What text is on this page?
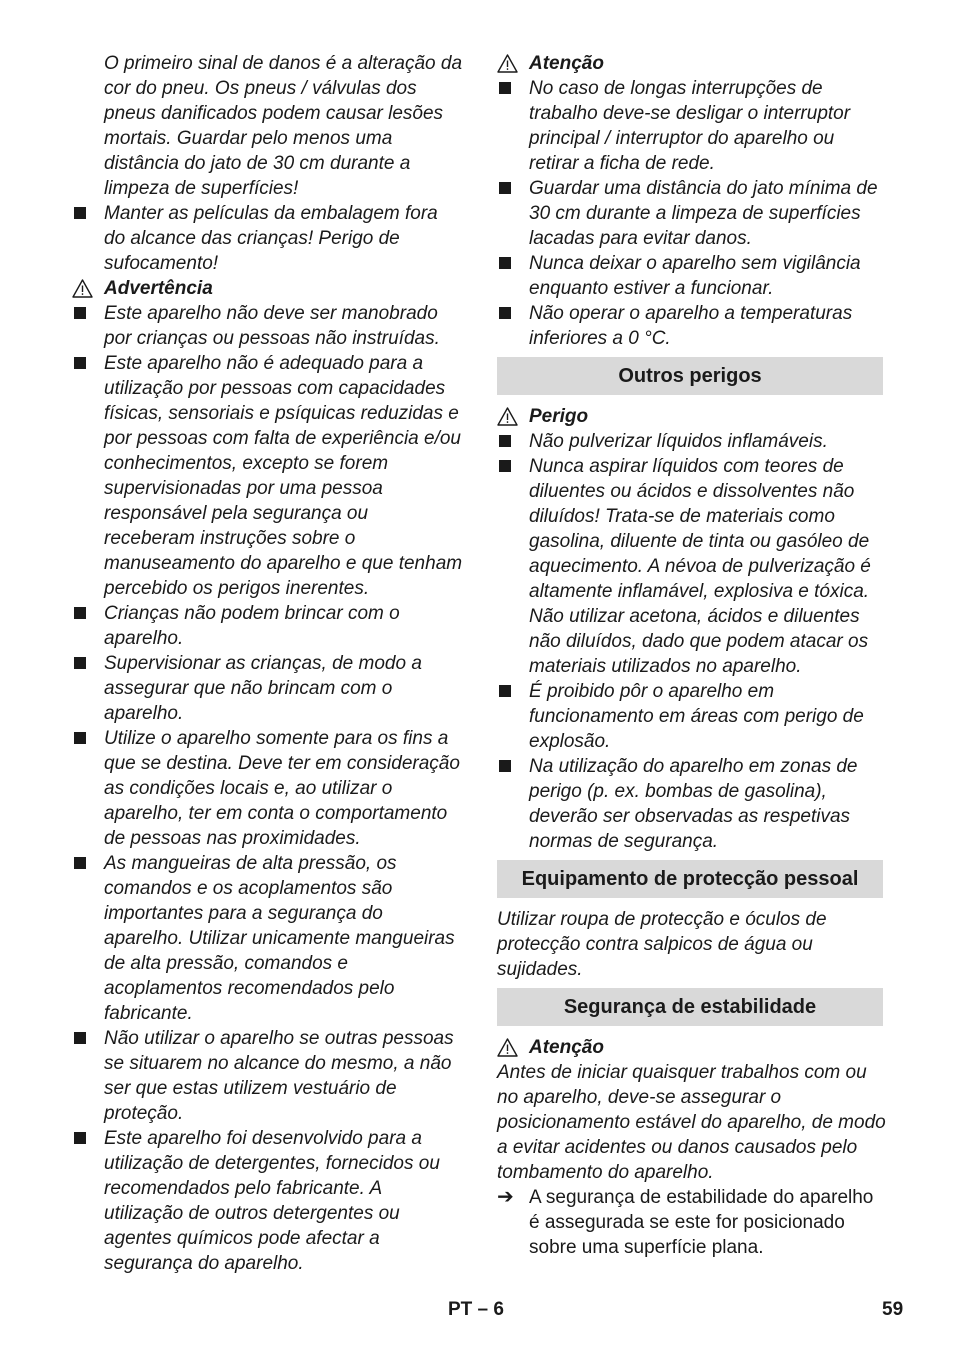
O primeiro sinal de danos é a alteração da cor do pneu. Os pneus / válvulas dos pneus danificados podem causar lesões mortais. Guardar pelo menos uma distância do jato de 30 cm durante a limpeza de superfícies!

Manter as películas da embalagem fora do alcance das crianças! Perigo de sufocamento!
Advertência
Este aparelho não deve ser manobrado por crianças ou pessoas não instruídas.
Este aparelho não é adequado para a utilização por pessoas com capacidades físicas, sensoriais e psíquicas reduzidas e por pessoas com falta de experiência e/ou conhecimentos, excepto se forem supervisionadas por uma pessoa responsável pela segurança ou receberam instruções sobre o manuseamento do aparelho e que tenham percebido os perigos inerentes.
Crianças não podem brincar com o aparelho.
Supervisionar as crianças, de modo a assegurar que não brincam com o aparelho.
Utilize o aparelho somente para os fins a que se destina. Deve ter em consideração as condições locais e, ao utilizar o aparelho, ter em conta o comportamento de pessoas nas proximidades.
As mangueiras de alta pressão, os comandos e os acoplamentos são importantes para a segurança do aparelho. Utilizar unicamente mangueiras de alta pressão, comandos e acoplamentos recomendados pelo fabricante.
Não utilizar o aparelho se outras pessoas se situarem no alcance do mesmo, a não ser que estas utilizem vestuário de proteção.
Este aparelho foi desenvolvido para a utilização de detergentes, fornecidos ou recomendados pelo fabricante. A utilização de outros detergentes ou agentes químicos pode afectar a segurança do aparelho.
Atenção
No caso de longas interrupções de trabalho deve-se desligar o interruptor principal / interruptor do aparelho ou retirar a ficha de rede.
Guardar uma distância do jato mínima de 30 cm durante a limpeza de superfícies lacadas para evitar danos.
Nunca deixar o aparelho sem vigilância enquanto estiver a funcionar.
Não operar o aparelho a temperaturas inferiores a 0 °C.
Outros perigos
Perigo
Não pulverizar líquidos inflamáveis.
Nunca aspirar líquidos com teores de diluentes ou ácidos e dissolventes não diluídos! Trata-se de materiais como gasolina, diluente de tinta ou gasóleo de aquecimento. A névoa de pulverização é altamente inflamável, explosiva e tóxica. Não utilizar acetona, ácidos e diluentes não diluídos, dado que podem atacar os materiais utilizados no aparelho.
É proibido pôr o aparelho em funcionamento em áreas com perigo de explosão.
Na utilização do aparelho em zonas de perigo (p. ex. bombas de gasolina), deverão ser observadas as respetivas normas de segurança.
Equipamento de protecção pessoal

Utilizar roupa de protecção e óculos de protecção contra salpicos de água ou sujidades.

Segurança de estabilidade
Atenção

Antes de iniciar quaisquer trabalhos com ou no aparelho, deve-se assegurar o posicionamento estável do aparelho, de modo a evitar acidentes ou danos causados pelo tombamento do aparelho.

➔ A segurança de estabilidade do aparelho é assegurada se este for posicionado sobre uma superfície plana.
PT – 6	59
